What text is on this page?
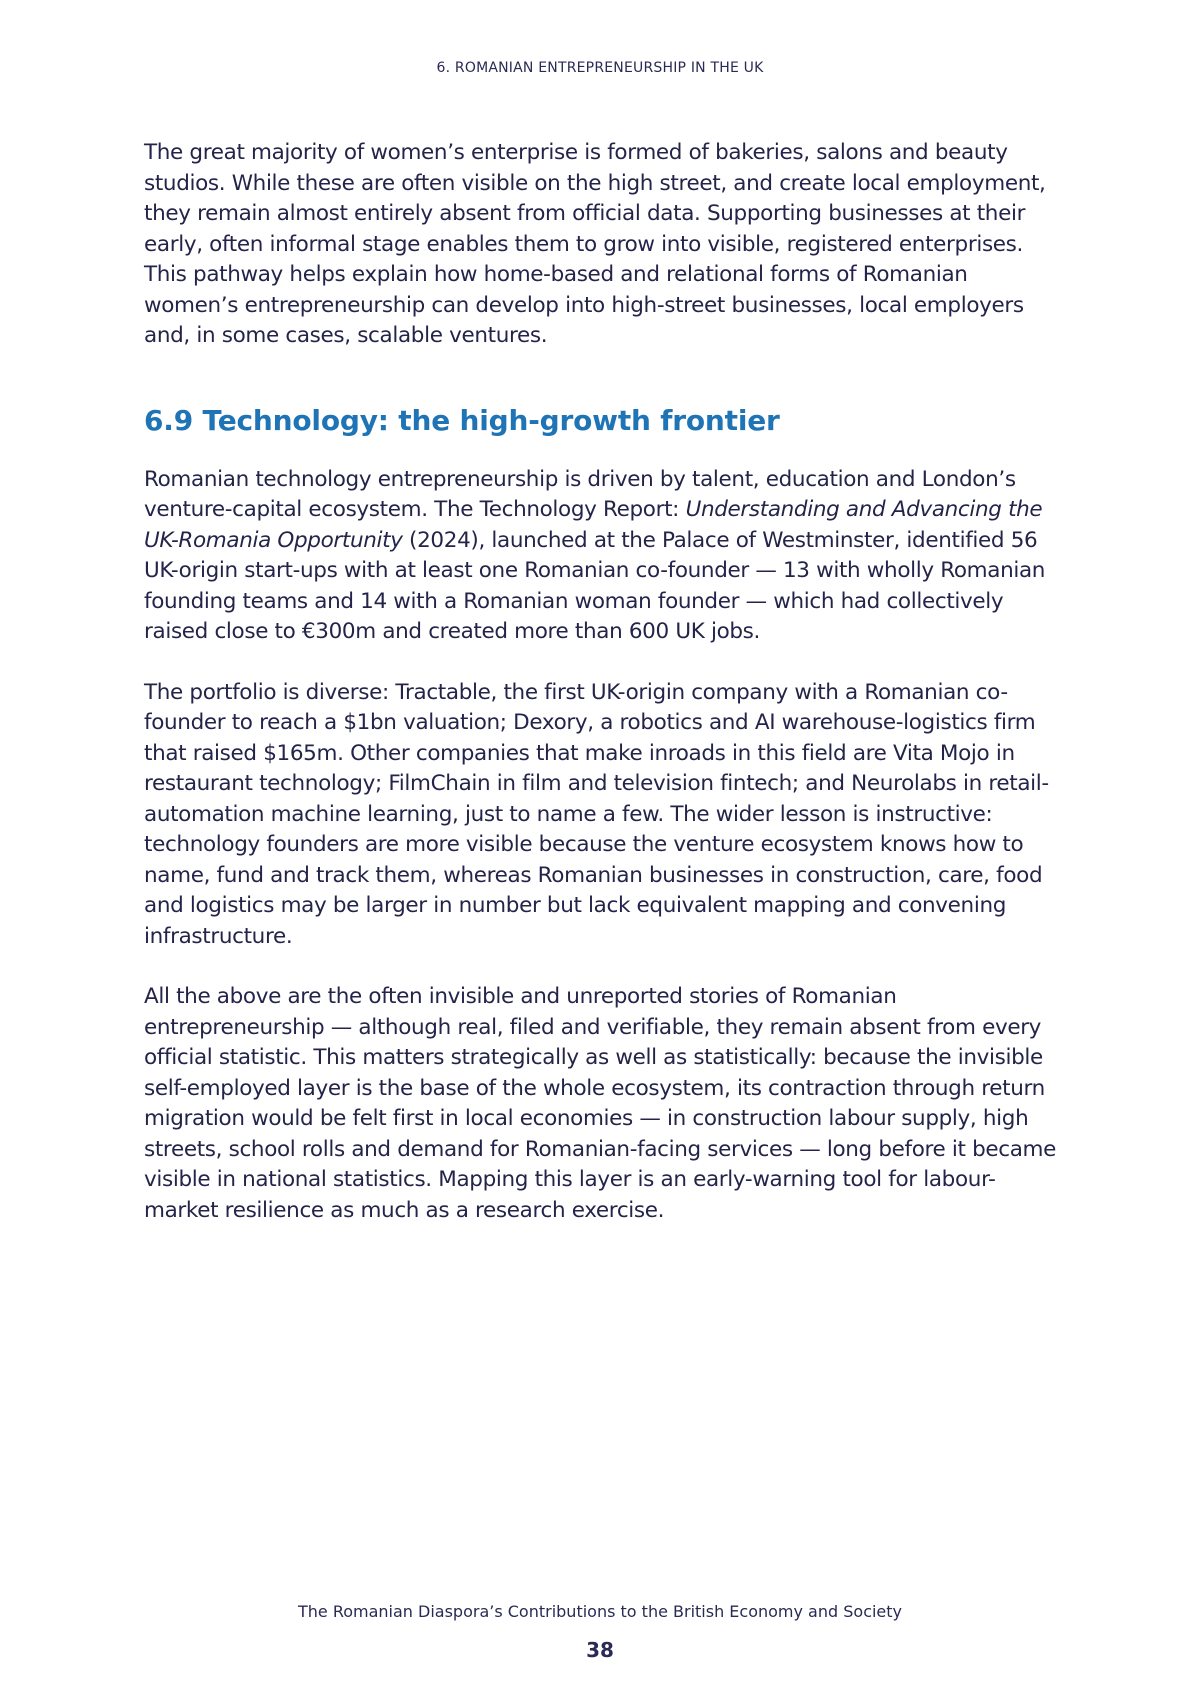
6. ROMANIAN ENTREPRENEURSHIP IN THE UK

The great majority of women’s enterprise is formed of bakeries, salons and beauty studios. While these are often visible on the high street, and create local employment, they remain almost entirely absent from official data. Supporting businesses at their early, often informal stage enables them to grow into visible, registered enterprises. This pathway helps explain how home-based and relational forms of Romanian women’s entrepreneurship can develop into high-street businesses, local employers and, in some cases, scalable ventures.

6.9 Technology: the high-growth frontier

Romanian technology entrepreneurship is driven by talent, education and London’s venture-capital ecosystem. The Technology Report: Understanding and Advancing the UK-Romania Opportunity (2024), launched at the Palace of Westminster, identified 56 UK-origin start-ups with at least one Romanian co-founder — 13 with wholly Romanian founding teams and 14 with a Romanian woman founder — which had collectively raised close to €300m and created more than 600 UK jobs.

The portfolio is diverse: Tractable, the first UK-origin company with a Romanian co-founder to reach a $1bn valuation; Dexory, a robotics and AI warehouse-logistics firm that raised $165m. Other companies that make inroads in this field are Vita Mojo in restaurant technology; FilmChain in film and television fintech; and Neurolabs in retail-automation machine learning, just to name a few. The wider lesson is instructive: technology founders are more visible because the venture ecosystem knows how to name, fund and track them, whereas Romanian businesses in construction, care, food and logistics may be larger in number but lack equivalent mapping and convening infrastructure.

All the above are the often invisible and unreported stories of Romanian entrepreneurship — although real, filed and verifiable, they remain absent from every official statistic. This matters strategically as well as statistically: because the invisible self-employed layer is the base of the whole ecosystem, its contraction through return migration would be felt first in local economies — in construction labour supply, high streets, school rolls and demand for Romanian-facing services — long before it became visible in national statistics. Mapping this layer is an early-warning tool for labour-market resilience as much as a research exercise.

The Romanian Diaspora’s Contributions to the British Economy and Society

38
